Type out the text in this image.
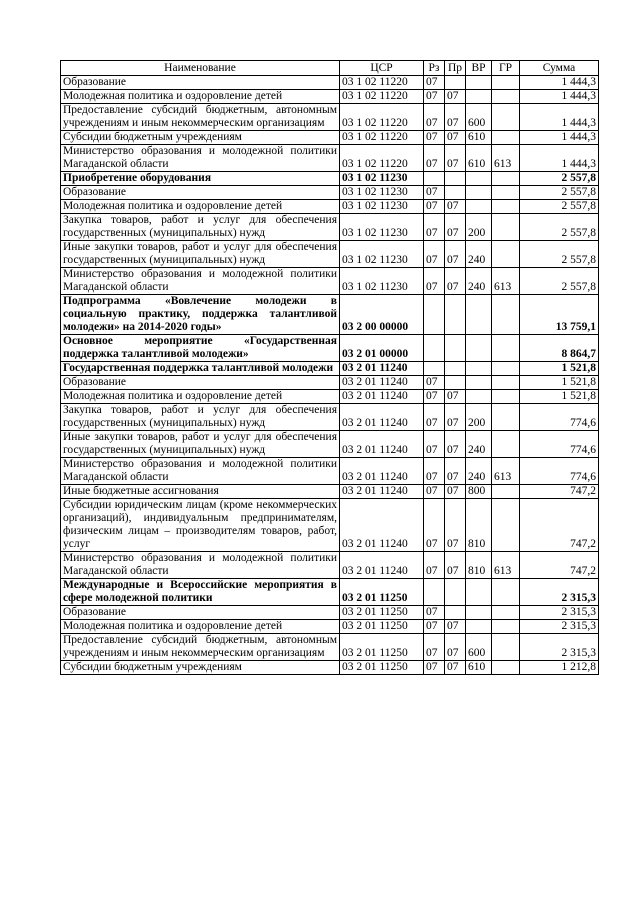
Наименование	ЦСР	Рз	Пр	ВР	ГР	Сумма
Образование	03 1 02 11220	07				1 444,3
Молодежная политика и оздоровление детей	03 1 02 11220	07	07			1 444,3
Предоставление субсидий бюджетным, автономным учреждениям и иным некоммерческим организациям	03 1 02 11220	07	07	600		1 444,3
Субсидии бюджетным учреждениям	03 1 02 11220	07	07	610		1 444,3
Министерство образования и молодежной политики Магаданской области	03 1 02 11220	07	07	610	613	1 444,3
Приобретение оборудования	03 1 02 11230					2 557,8
Образование	03 1 02 11230	07				2 557,8
Молодежная политика и оздоровление детей	03 1 02 11230	07	07			2 557,8
Закупка товаров, работ и услуг для обеспечения государственных (муниципальных) нужд	03 1 02 11230	07	07	200		2 557,8
Иные закупки товаров, работ и услуг для обеспечения государственных (муниципальных) нужд	03 1 02 11230	07	07	240		2 557,8
Министерство образования и молодежной политики Магаданской области	03 1 02 11230	07	07	240	613	2 557,8
Подпрограмма «Вовлечение молодежи в социальную практику, поддержка талантливой молодежи» на 2014-2020 годы»	03 2 00 00000					13 759,1
Основное мероприятие «Государственная поддержка талантливой молодежи»	03 2 01 00000					8 864,7
Государственная поддержка талантливой молодежи	03 2 01 11240					1 521,8
Образование	03 2 01 11240	07				1 521,8
Молодежная политика и оздоровление детей	03 2 01 11240	07	07			1 521,8
Закупка товаров, работ и услуг для обеспечения государственных (муниципальных) нужд	03 2 01 11240	07	07	200		774,6
Иные закупки товаров, работ и услуг для обеспечения государственных (муниципальных) нужд	03 2 01 11240	07	07	240		774,6
Министерство образования и молодежной политики Магаданской области	03 2 01 11240	07	07	240	613	774,6
Иные бюджетные ассигнования	03 2 01 11240	07	07	800		747,2
Субсидии юридическим лицам (кроме некоммерческих организаций), индивидуальным предпринимателям, физическим лицам – производителям товаров, работ, услуг	03 2 01 11240	07	07	810		747,2
Министерство образования и молодежной политики Магаданской области	03 2 01 11240	07	07	810	613	747,2
Международные и Всероссийские мероприятия в сфере молодежной политики	03 2 01 11250					2 315,3
Образование	03 2 01 11250	07				2 315,3
Молодежная политика и оздоровление детей	03 2 01 11250	07	07			2 315,3
Предоставление субсидий бюджетным, автономным учреждениям и иным некоммерческим организациям	03 2 01 11250	07	07	600		2 315,3
Субсидии бюджетным учреждениям	03 2 01 11250	07	07	610		1 212,8
